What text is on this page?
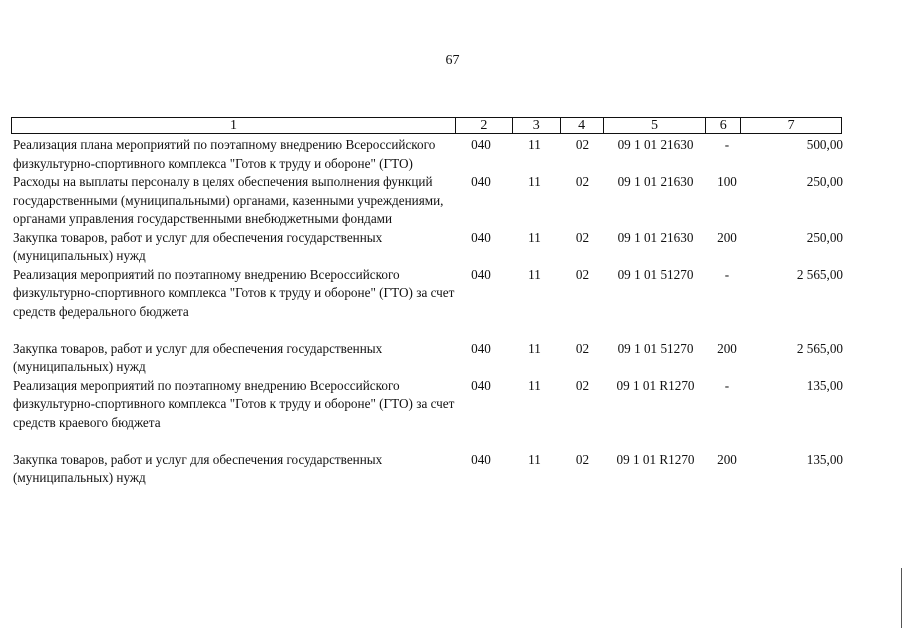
67
1	2	3	4	5	6	7
Реализация плана мероприятий по поэтапному внедрению Всероссийского физкультурно-спортивного комплекса "Готов к труду и обороне" (ГТО)
040	11	02	09 1 01 21630	-	500,00
Расходы на выплаты персоналу в целях обеспечения выполнения функций государственными (муниципальными) органами, казенными учреждениями, органами управления государственными внебюджетными фондами
040	11	02	09 1 01 21630	100	250,00
Закупка товаров, работ и услуг для обеспечения государственных (муниципальных) нужд
040	11	02	09 1 01 21630	200	250,00
Реализация мероприятий по поэтапному внедрению Всероссийского физкультурно-спортивного комплекса "Готов к труду и обороне" (ГТО) за счет средств федерального бюджета
040	11	02	09 1 01 51270	-	2 565,00
Закупка товаров, работ и услуг для обеспечения государственных (муниципальных) нужд
040	11	02	09 1 01 51270	200	2 565,00
Реализация мероприятий по поэтапному внедрению Всероссийского физкультурно-спортивного комплекса "Готов к труду и обороне" (ГТО) за счет средств краевого бюджета
040	11	02	09 1 01 R1270	-	135,00
Закупка товаров, работ и услуг для обеспечения государственных (муниципальных) нужд
040	11	02	09 1 01 R1270	200	135,00
